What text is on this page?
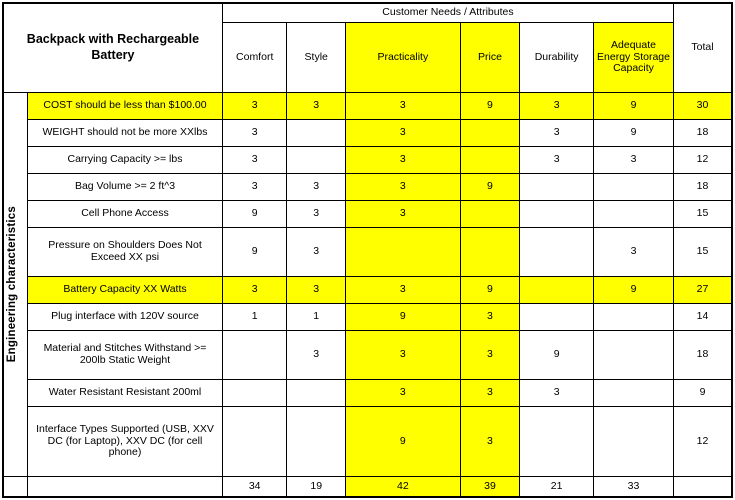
Backpack with Rechargeable Battery		Customer Needs / Attributes						Total
		Comfort	Style	Practicality	Price	Durability	Adequate Energy Storage Capacity	

Engineering characteristics	COST should be less than $100.00	3	3	3	9	3	9	30
	WEIGHT should not be more XXlbs	3		3		3	9	18
	Carrying Capacity >= lbs	3		3		3	3	12
	Bag Volume >= 2 ft^3	3	3	3	9			18
	Cell Phone Access	9	3	3				15
	Pressure on Shoulders Does Not Exceed XX psi	9	3				3	15
	Battery Capacity XX Watts	3	3	3	9		9	27
	Plug interface with 120V source	1	1	9	3			14
	Material and Stitches Withstand >= 200lb Static Weight		3	3	3	9		18
	Water Resistant Resistant 200ml			3	3	3		9
	Interface Types Supported (USB, XXV DC (for Laptop), XXV DC (for cell phone)			9	3			12
		34	19	42	39	21	33	
